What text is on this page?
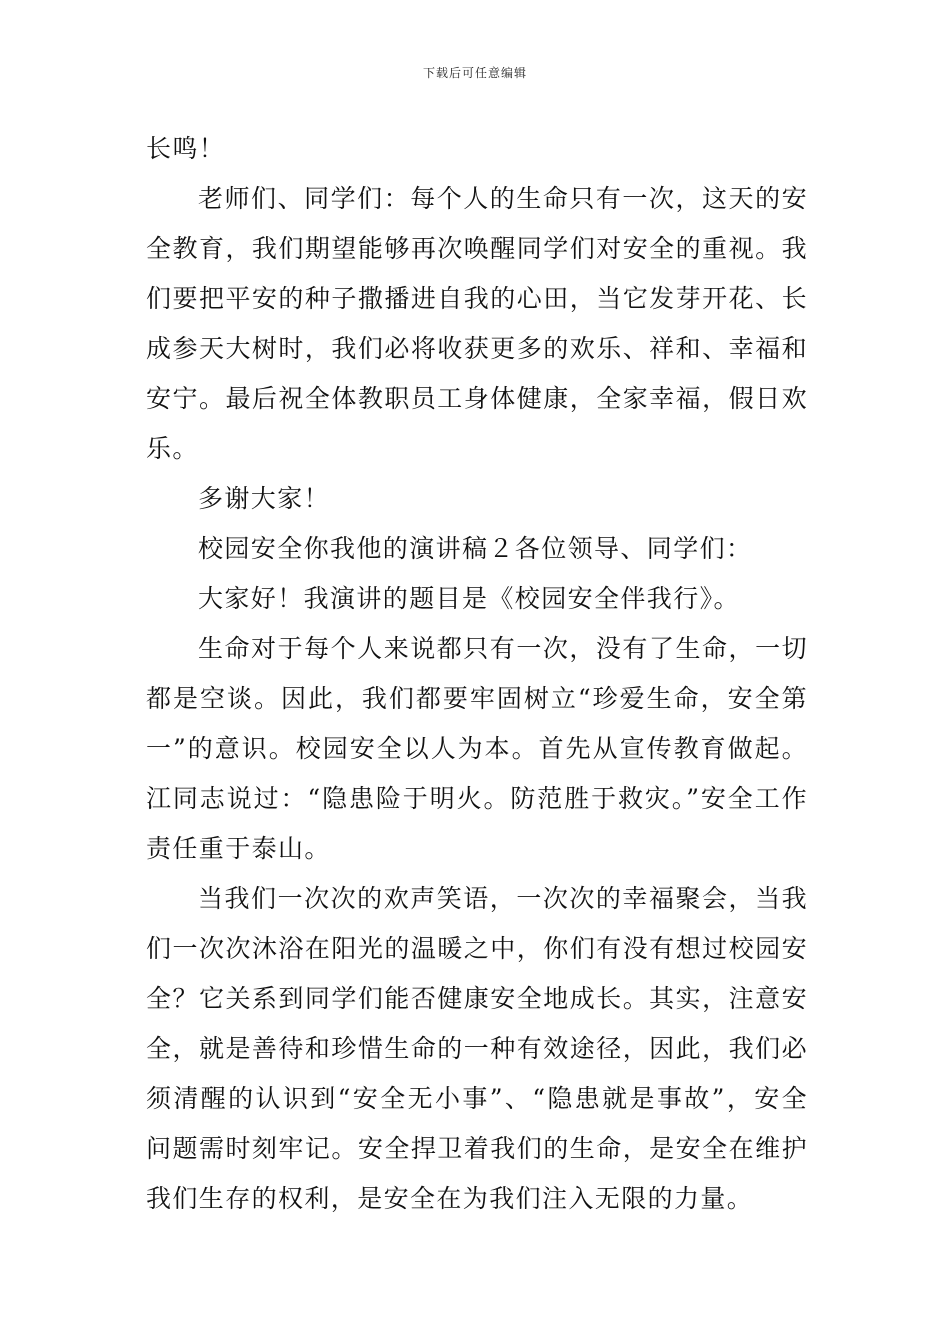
下载后可任意编辑

长鸣！

老师们、同学们：每个人的生命只有一次，这天的安全教育，我们期望能够再次唤醒同学们对安全的重视。我们要把平安的种子撒播进自我的心田，当它发芽开花、长成参天大树时，我们必将收获更多的欢乐、祥和、幸福和安宁。最后祝全体教职员工身体健康，全家幸福，假日欢乐。

多谢大家！

校园安全你我他的演讲稿２各位领导、同学们：

大家好！我演讲的题目是《校园安全伴我行》。

生命对于每个人来说都只有一次，没有了生命，一切都是空谈。因此，我们都要牢固树立“珍爱生命，安全第一”的意识。校园安全以人为本。首先从宣传教育做起。江同志说过：“隐患险于明火。防范胜于救灾。”安全工作责任重于泰山。

当我们一次次的欢声笑语，一次次的幸福聚会，当我们一次次沐浴在阳光的温暖之中，你们有没有想过校园安全？它关系到同学们能否健康安全地成长。其实，注意安全，就是善待和珍惜生命的一种有效途径，因此，我们必须清醒的认识到“安全无小事”、“隐患就是事故”，安全问题需时刻牢记。安全捍卫着我们的生命，是安全在维护我们生存的权利，是安全在为我们注入无限的力量。
